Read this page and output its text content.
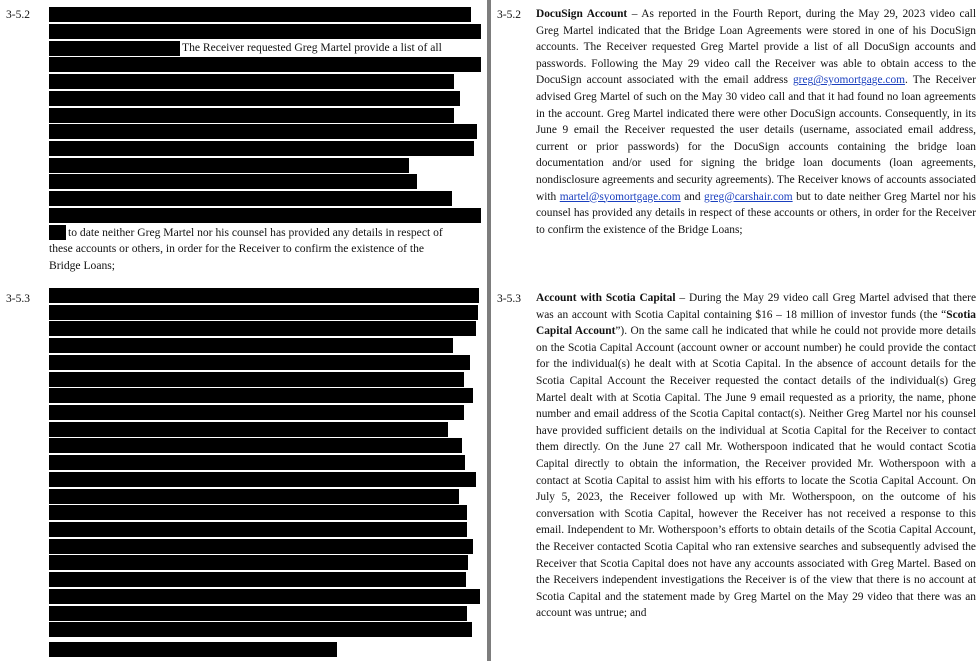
3-5.2
The Receiver requested Greg Martel provide a list of all
to date neither Greg Martel nor his counsel has provided any details in respect of
these accounts or others, in order for the Receiver to confirm the existence of the
Bridge Loans;
3-5.3
3-5.2 DocuSign Account – As reported in the Fourth Report, during the May 29, 2023 video call Greg Martel indicated that the Bridge Loan Agreements were stored in one of his DocuSign accounts. The Receiver requested Greg Martel provide a list of all DocuSign accounts and passwords. Following the May 29 video call the Receiver was able to obtain access to the DocuSign account associated with the email address greg@syomortgage.com. The Receiver advised Greg Martel of such on the May 30 video call and that it had found no loan agreements in the account. Greg Martel indicated there were other DocuSign accounts. Consequently, in its June 9 email the Receiver requested the user details (username, associated email address, current or prior passwords) for the DocuSign accounts containing the bridge loan documentation and/or used for signing the bridge loan documents (loan agreements, nondisclosure agreements and security agreements). The Receiver knows of accounts associated with martel@syomortgage.com and greg@carshair.com but to date neither Greg Martel nor his counsel has provided any details in respect of these accounts or others, in order for the Receiver to confirm the existence of the Bridge Loans;
3-5.3 Account with Scotia Capital – During the May 29 video call Greg Martel advised that there was an account with Scotia Capital containing $16 – 18 million of investor funds (the “Scotia Capital Account”). On the same call he indicated that while he could not provide more details on the Scotia Capital Account (account owner or account number) he could provide the contact for the individual(s) he dealt with at Scotia Capital. In the absence of account details for the Scotia Capital Account the Receiver requested the contact details of the individual(s) Greg Martel dealt with at Scotia Capital. The June 9 email requested as a priority, the name, phone number and email address of the Scotia Capital contact(s). Neither Greg Martel nor his counsel have provided sufficient details on the individual at Scotia Capital for the Receiver to contact them directly. On the June 27 call Mr. Wotherspoon indicated that he would contact Scotia Capital directly to obtain the information, the Receiver provided Mr. Wotherspoon with a contact at Scotia Capital to assist him with his efforts to locate the Scotia Capital Account. On July 5, 2023, the Receiver followed up with Mr. Wotherspoon, on the outcome of his conversation with Scotia Capital, however the Receiver has not received a response to this email. Independent to Mr. Wotherspoon’s efforts to obtain details of the Scotia Capital Account, the Receiver contacted Scotia Capital who ran extensive searches and subsequently advised the Receiver that Scotia Capital does not have any accounts associated with Greg Martel. Based on the Receivers independent investigations the Receiver is of the view that there is no account at Scotia Capital and the statement made by Greg Martel on the May 29 video that there was an account was untrue; and
